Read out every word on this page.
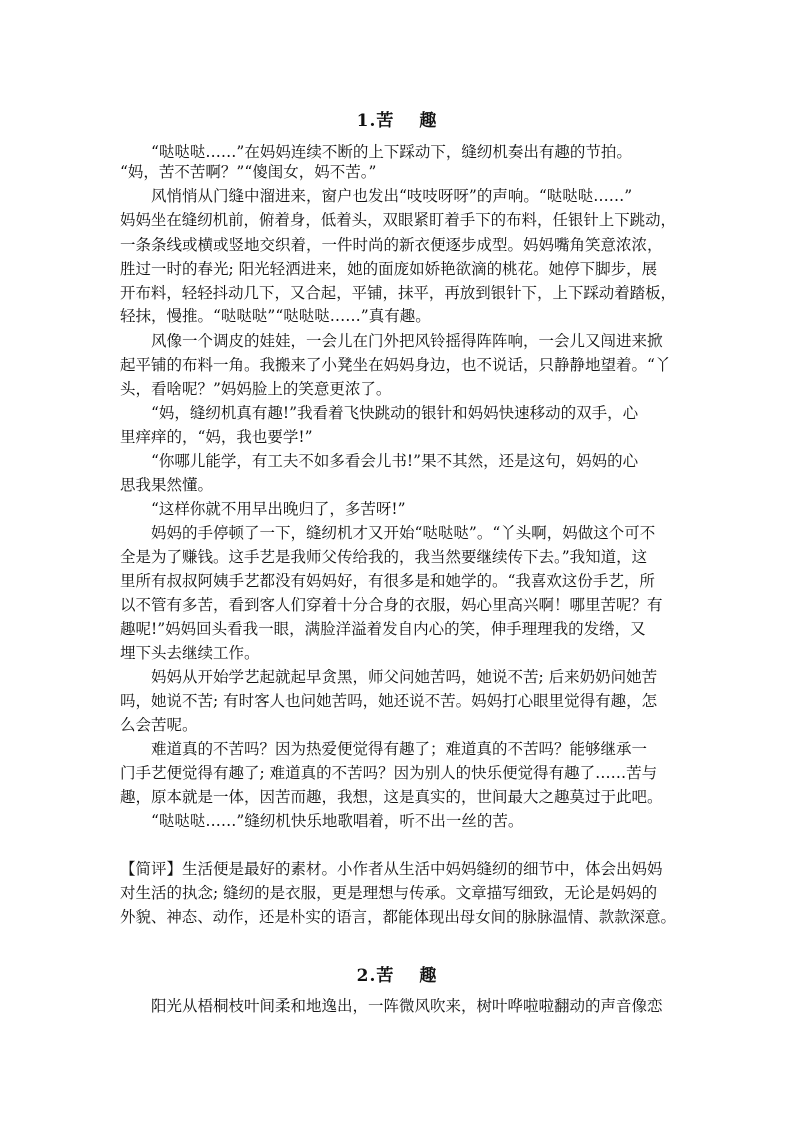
1.苦　 趣
　　“哒哒哒……”在妈妈连续不断的上下踩动下，缝纫机奏出有趣的节拍。
“妈，苦不苦啊？”“傻闺女，妈不苦。”
　　风悄悄从门缝中溜进来，窗户也发出“吱吱呀呀”的声响。“哒哒哒……”
妈妈坐在缝纫机前，俯着身，低着头，双眼紧盯着手下的布料，任银针上下跳动，
一条条线或横或竖地交织着，一件时尚的新衣便逐步成型。妈妈嘴角笑意浓浓，
胜过一时的春光; 阳光轻洒进来，她的面庞如娇艳欲滴的桃花。她停下脚步，展
开布料，轻轻抖动几下，又合起，平铺，抹平，再放到银针下，上下踩动着踏板，
轻抹，慢推。“哒哒哒”“哒哒哒……”真有趣。
　　风像一个调皮的娃娃，一会儿在门外把风铃摇得阵阵响，一会儿又闯进来掀
起平铺的布料一角。我搬来了小凳坐在妈妈身边，也不说话，只静静地望着。“丫
头，看啥呢？”妈妈脸上的笑意更浓了。
　　“妈，缝纫机真有趣!”我看着飞快跳动的银针和妈妈快速移动的双手，心
里痒痒的，“妈，我也要学!”
　　“你哪儿能学，有工夫不如多看会儿书!”果不其然，还是这句，妈妈的心
思我果然懂。
　　“这样你就不用早出晚归了，多苦呀!”
　　妈妈的手停顿了一下，缝纫机才又开始“哒哒哒”。“丫头啊，妈做这个可不
全是为了赚钱。这手艺是我师父传给我的，我当然要继续传下去。”我知道，这
里所有叔叔阿姨手艺都没有妈妈好，有很多是和她学的。“我喜欢这份手艺，所
以不管有多苦，看到客人们穿着十分合身的衣服，妈心里高兴啊！哪里苦呢？有
趣呢!”妈妈回头看我一眼，满脸洋溢着发自内心的笑，伸手理理我的发绺，又
埋下头去继续工作。
　　妈妈从开始学艺起就起早贪黑，师父问她苦吗，她说不苦; 后来奶奶问她苦
吗，她说不苦; 有时客人也问她苦吗，她还说不苦。妈妈打心眼里觉得有趣，怎
么会苦呢。
　　难道真的不苦吗？因为热爱便觉得有趣了；难道真的不苦吗？能够继承一
门手艺便觉得有趣了; 难道真的不苦吗？因为别人的快乐便觉得有趣了……苦与
趣，原本就是一体，因苦而趣，我想，这是真实的，世间最大之趣莫过于此吧。
　　“哒哒哒……”缝纫机快乐地歌唱着，听不出一丝的苦。
【简评】生活便是最好的素材。小作者从生活中妈妈缝纫的细节中，体会出妈妈
对生活的执念; 缝纫的是衣服，更是理想与传承。文章描写细致，无论是妈妈的
外貌、神态、动作，还是朴实的语言，都能体现出母女间的脉脉温情、款款深意。
2.苦　 趣
　　阳光从梧桐枝叶间柔和地逸出，一阵微风吹来，树叶哗啦啦翻动的声音像恋
